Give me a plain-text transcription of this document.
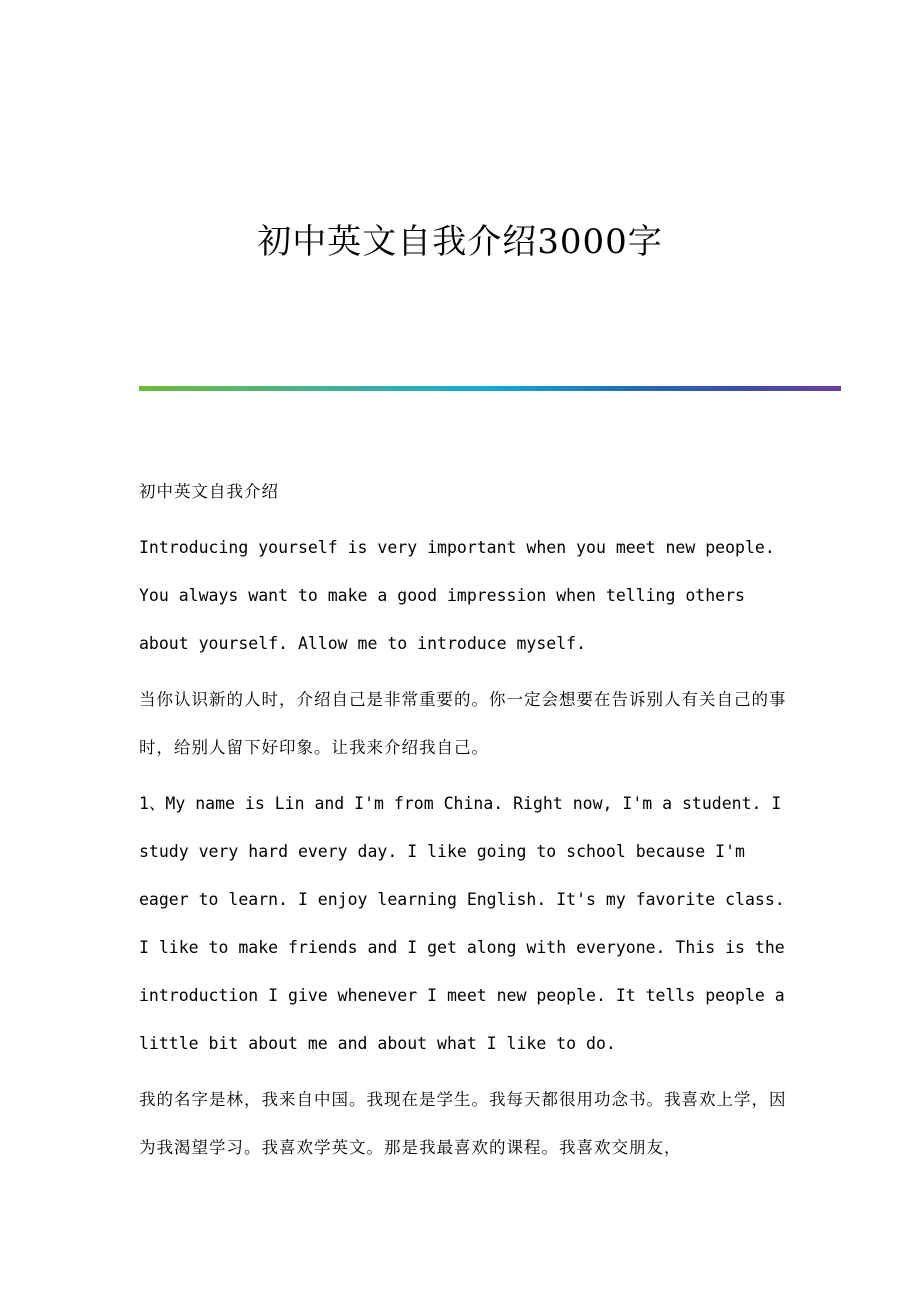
初中英文自我介绍3000字

初中英文自我介绍

Introducing yourself is very important when you meet new people. You always want to make a good impression when telling others about yourself. Allow me to introduce myself.

当你认识新的人时，介绍自己是非常重要的。你一定会想要在告诉别人有关自己的事时，给别人留下好印象。让我来介绍我自己。

1、My name is Lin and I'm from China. Right now, I'm a student. I study very hard every day. I like going to school because I'm eager to learn. I enjoy learning English. It's my favorite class. I like to make friends and I get along with everyone. This is the introduction I give whenever I meet new people. It tells people a little bit about me and about what I like to do.

我的名字是林，我来自中国。我现在是学生。我每天都很用功念书。我喜欢上学，因为我渴望学习。我喜欢学英文。那是我最喜欢的课程。我喜欢交朋友，
